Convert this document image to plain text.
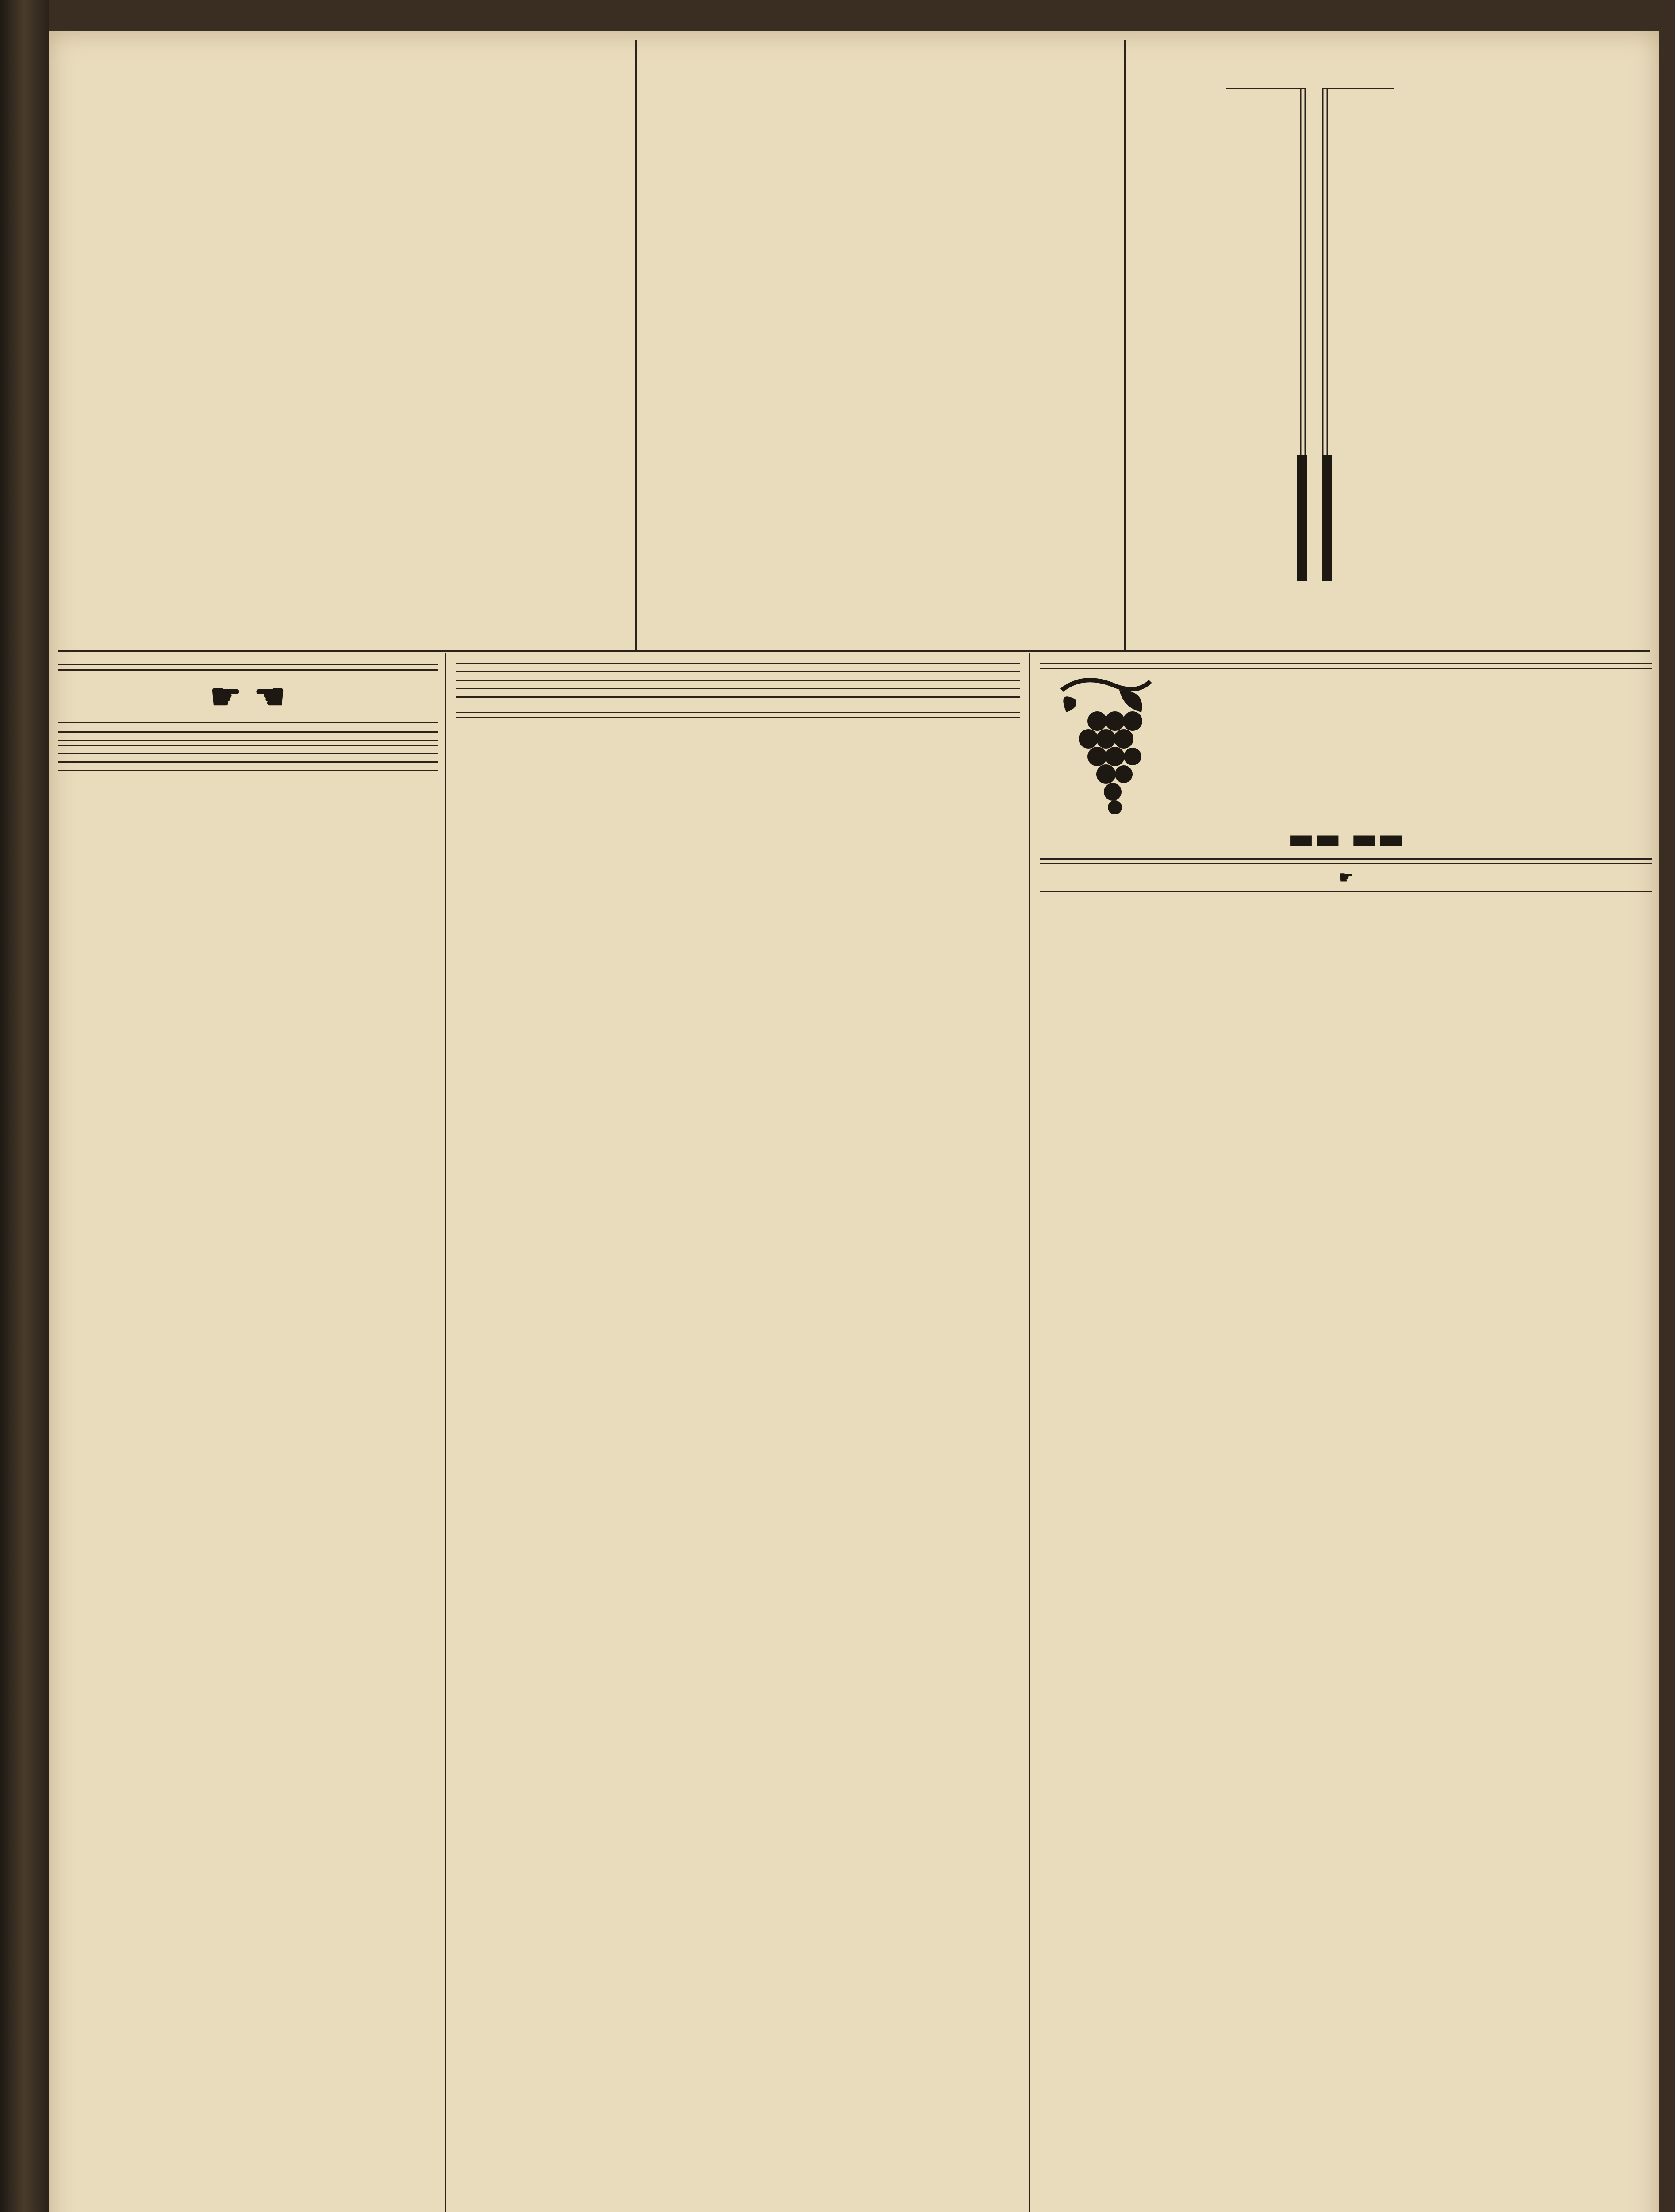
☛ ☚

▬▬ ▬▬

☛
